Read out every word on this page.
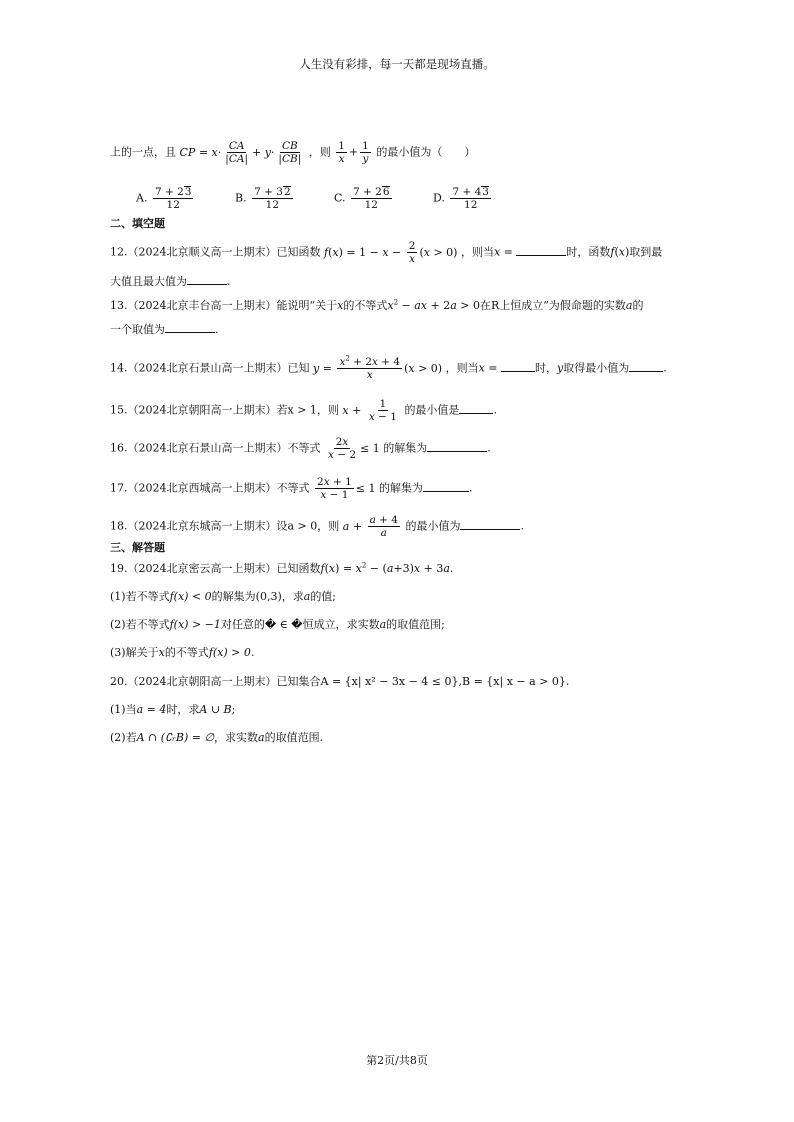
人生没有彩排，每一天都是现场直播。
上的一点，且 CP = $x\cdot \frac{CA}{|CA|} + y\cdot \frac{CB}{|CB|}$ ，则 $\frac{1}{x} + \frac{1}{y}$ 的最小值为（　　）
A. $\frac{7 + 23}{12}$	B. $\frac{7 + 32}{12}$	C. $\frac{7 + 26}{12}$	D. $\frac{7 + 43}{12}$
二、填空题
12.（2024北京顺义高一上期末）已知函数 $f(x) = 1 - x - \frac{2}{x} (x > 0)$ ，则当x =	时，函数f(x)取到最
大值且最大值为	.
13.（2024北京丰台高一上期末）能说明“关于x的不等式$x^2$ − ax + 2a > 0在R上恒成立”为假命题的实数a的
一个取值为	.
14.（2024北京石景山高一上期末）已知 $y = \frac{x^2 + 2x + 4}{x} (x > 0)$ ，则当x =	时，y取得最小值为	.
15.（2024北京朝阳高一上期末）若x > 1，则 $x + \frac{1}{x - 1}$ 的最小值是	.
16.（2024北京石景山高一上期末）不等式 $\frac{2x}{x - 2} \le 1$ 的解集为	.
17.（2024北京西城高一上期末）不等式 $\frac{2x + 1}{x - 1} \le 1$ 的解集为	.
18.（2024北京东城高一上期末）设a > 0，则 $a + \frac{a + 4}{a}$ 的最小值为	.
三、解答题
19.（2024北京密云高一上期末）已知函数$f(x) = x^2 - (a+3)x + 3a$.
(1)若不等式f(x) < 0的解集为(0,3)，求a的值;
(2)若不等式f(x) > −1对任意的� ∈ �恒成立，求实数a的取值范围;
(3)解关于x的不等式f(x) > 0.
20.（2024北京朝阳高一上期末）已知集合A = {x| x² − 3x − 4 ≤ 0},B = {x| x − a > 0}.
(1)当a = 4时，求A ∪ B;
(2)若A ∩ (∁ᵣB) = ∅，求实数a的取值范围.
第2页/共8页
